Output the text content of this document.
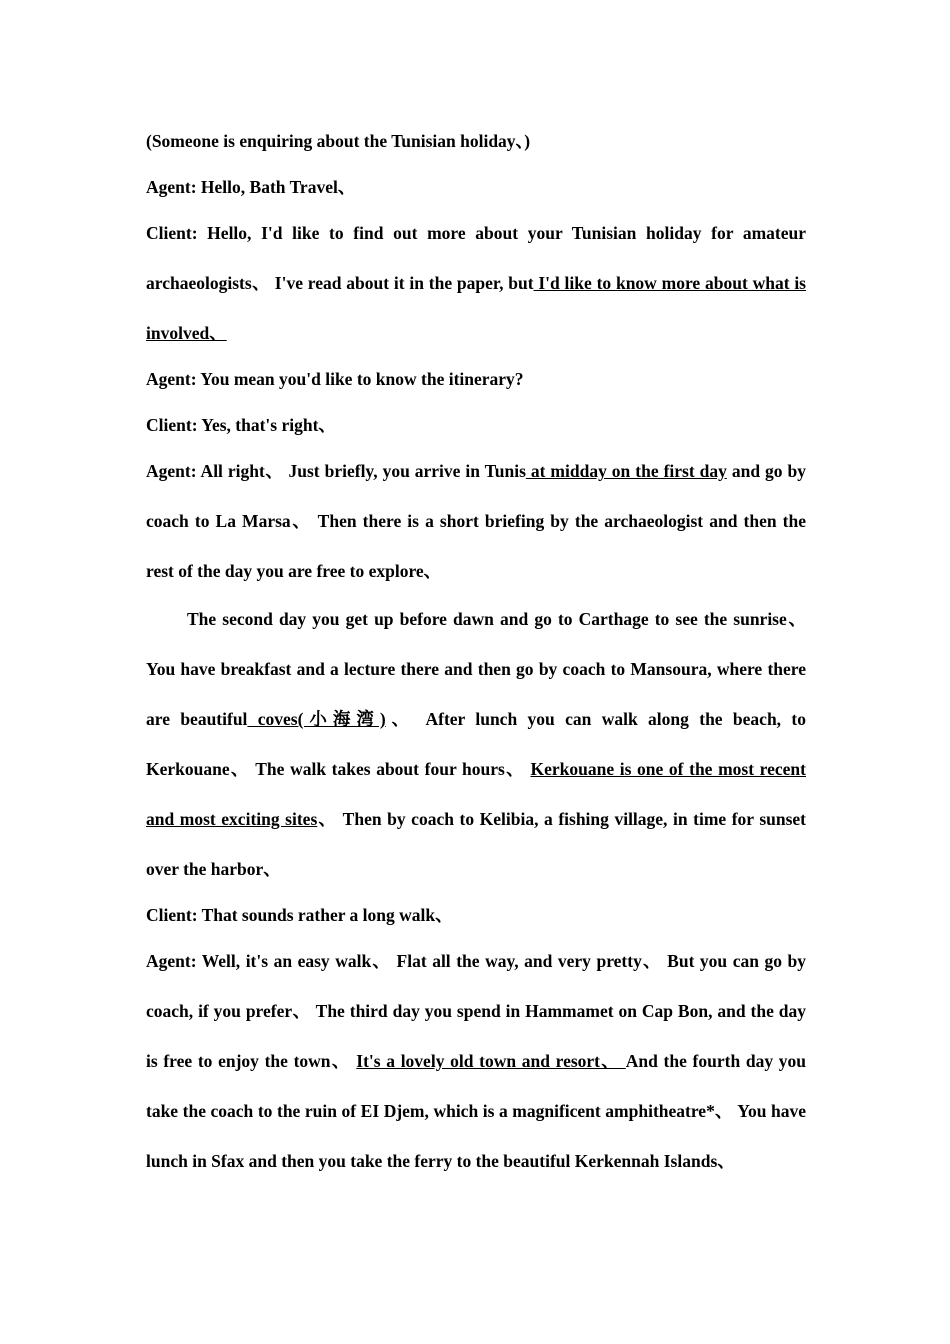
(Someone is enquiring about the Tunisian holiday、)

Agent: Hello, Bath Travel、

Client: Hello, I'd like to find out more about your Tunisian holiday for amateur archaeologists、 I've read about it in the paper, but I'd like to know more about what is involved、

Agent: You mean you'd like to know the itinerary?

Client: Yes, that's right、

Agent: All right、 Just briefly, you arrive in Tunis at midday on the first day and go by coach to La Marsa、 Then there is a short briefing by the archaeologist and then the rest of the day you are free to explore、

The second day you get up before dawn and go to Carthage to see the sunrise、 You have breakfast and a lecture there and then go by coach to Mansoura, where there are beautiful coves(小海湾)、 After lunch you can walk along the beach, to Kerkouane、 The walk takes about four hours、 Kerkouane is one of the most recent and most exciting sites、 Then by coach to Kelibia, a fishing village, in time for sunset over the harbor、

Client: That sounds rather a long walk、

Agent: Well, it's an easy walk、 Flat all the way, and very pretty、 But you can go by coach, if you prefer、 The third day you spend in Hammamet on Cap Bon, and the day is free to enjoy the town、 It's a lovely old town and resort、 And the fourth day you take the coach to the ruin of EI Djem, which is a magnificent amphitheatre*、 You have lunch in Sfax and then you take the ferry to the beautiful Kerkennah Islands、
